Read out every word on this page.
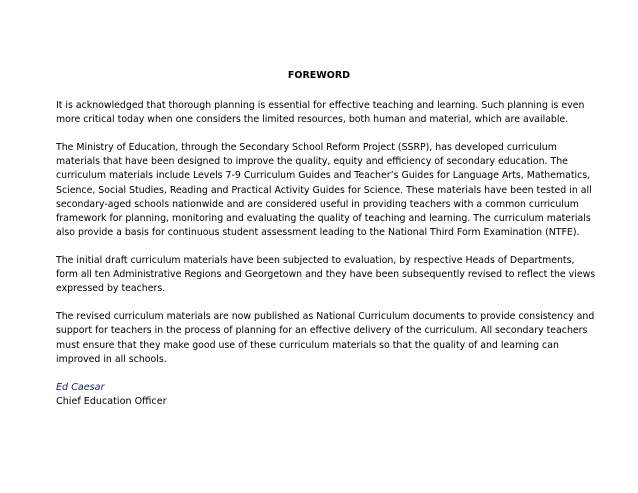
FOREWORD

It is acknowledged that thorough planning is essential for effective teaching and learning. Such planning is even
more critical today when one considers the limited resources, both human and material, which are available.

The Ministry of Education, through the Secondary School Reform Project (SSRP), has developed curriculum
materials that have been designed to improve the quality, equity and efficiency of secondary education. The
curriculum materials include Levels 7-9 Curriculum Guides and Teacher’s Guides for Language Arts, Mathematics,
Science, Social Studies, Reading and Practical Activity Guides for Science. These materials have been tested in all
secondary-aged schools nationwide and are considered useful in providing teachers with a common curriculum
framework for planning, monitoring and evaluating the quality of teaching and learning. The curriculum materials
also provide a basis for continuous student assessment leading to the National Third Form Examination (NTFE).

The initial draft curriculum materials have been subjected to evaluation, by respective Heads of Departments,
form all ten Administrative Regions and Georgetown and they have been subsequently revised to reflect the views
expressed by teachers.

The revised curriculum materials are now published as National Curriculum documents to provide consistency and
support for teachers in the process of planning for an effective delivery of the curriculum. All secondary teachers
must ensure that they make good use of these curriculum materials so that the quality of and learning can
improved in all schools.

Ed Caesar

Chief Education Officer
